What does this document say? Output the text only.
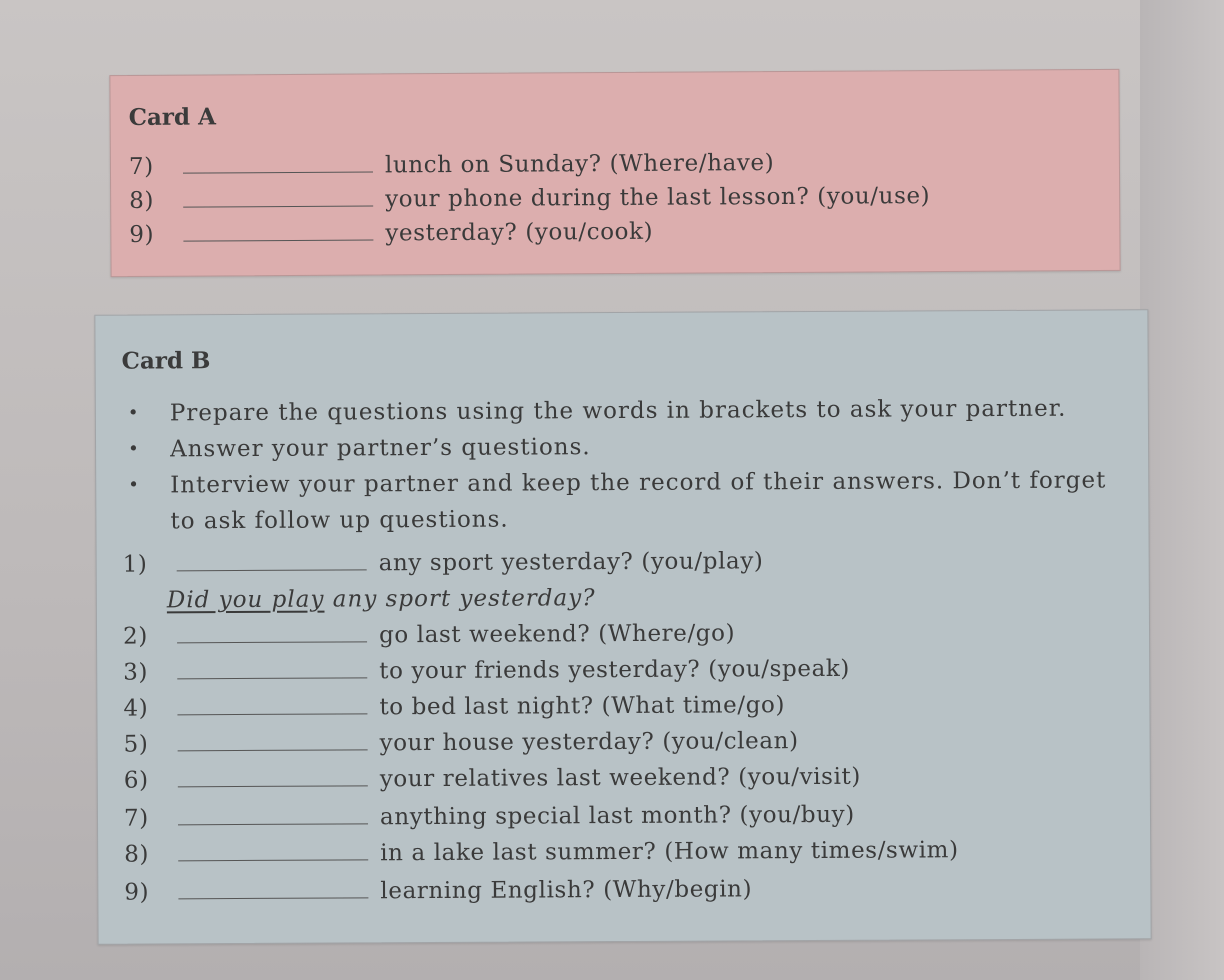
Card A
7)	lunch on Sunday? (Where/have)
8)	your phone during the last lesson? (you/use)
9)	yesterday? (you/cook)
Card B
•	Prepare the questions using the words in brackets to ask your partner.
•	Answer your partner’s questions.
•	Interview your partner and keep the record of their answers. Don’t forget to ask follow up questions.
1)	any sport yesterday? (you/play)
Did you play any sport yesterday?
2)	go last weekend? (Where/go)
3)	to your friends yesterday? (you/speak)
4)	to bed last night? (What time/go)
5)	your house yesterday? (you/clean)
6)	your relatives last weekend? (you/visit)
7)	anything special last month? (you/buy)
8)	in a lake last summer? (How many times/swim)
9)	learning English? (Why/begin)
